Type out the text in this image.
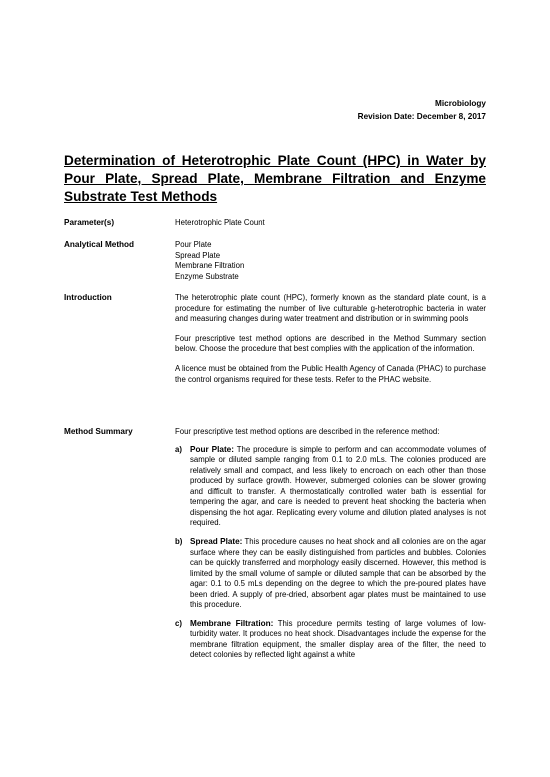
Microbiology
Revision Date: December 8, 2017
Determination of Heterotrophic Plate Count (HPC) in Water by Pour Plate, Spread Plate, Membrane Filtration and Enzyme Substrate Test Methods
Parameter(s)	Heterotrophic Plate Count
Analytical Method	Pour Plate
Spread Plate
Membrane Filtration
Enzyme Substrate
Introduction	The heterotrophic plate count (HPC), formerly known as the standard plate count, is a procedure for estimating the number of live culturable g-heterotrophic bacteria in water and measuring changes during water treatment and distribution or in swimming pools

Four prescriptive test method options are described in the Method Summary section below. Choose the procedure that best complies with the application of the information.

A licence must be obtained from the Public Health Agency of Canada (PHAC) to purchase the control organisms required for these tests. Refer to the PHAC website.

Method Summary	Four prescriptive test method options are described in the reference method:

a) Pour Plate: The procedure is simple to perform and can accommodate volumes of sample or diluted sample ranging from 0.1 to 2.0 mLs. The colonies produced are relatively small and compact, and less likely to encroach on each other than those produced by surface growth. However, submerged colonies can be slower growing and difficult to transfer. A thermostatically controlled water bath is essential for tempering the agar, and care is needed to prevent heat shocking the bacteria when dispensing the hot agar. Replicating every volume and dilution plated analyses is not required.
b) Spread Plate: This procedure causes no heat shock and all colonies are on the agar surface where they can be easily distinguished from particles and bubbles. Colonies can be quickly transferred and morphology easily discerned. However, this method is limited by the small volume of sample or diluted sample that can be absorbed by the agar: 0.1 to 0.5 mLs depending on the degree to which the pre-poured plates have been dried. A supply of pre-dried, absorbent agar plates must be maintained to use this procedure.
c) Membrane Filtration: This procedure permits testing of large volumes of low-turbidity water. It produces no heat shock. Disadvantages include the expense for the membrane filtration equipment, the smaller display area of the filter, the need to detect colonies by reflected light against a white
